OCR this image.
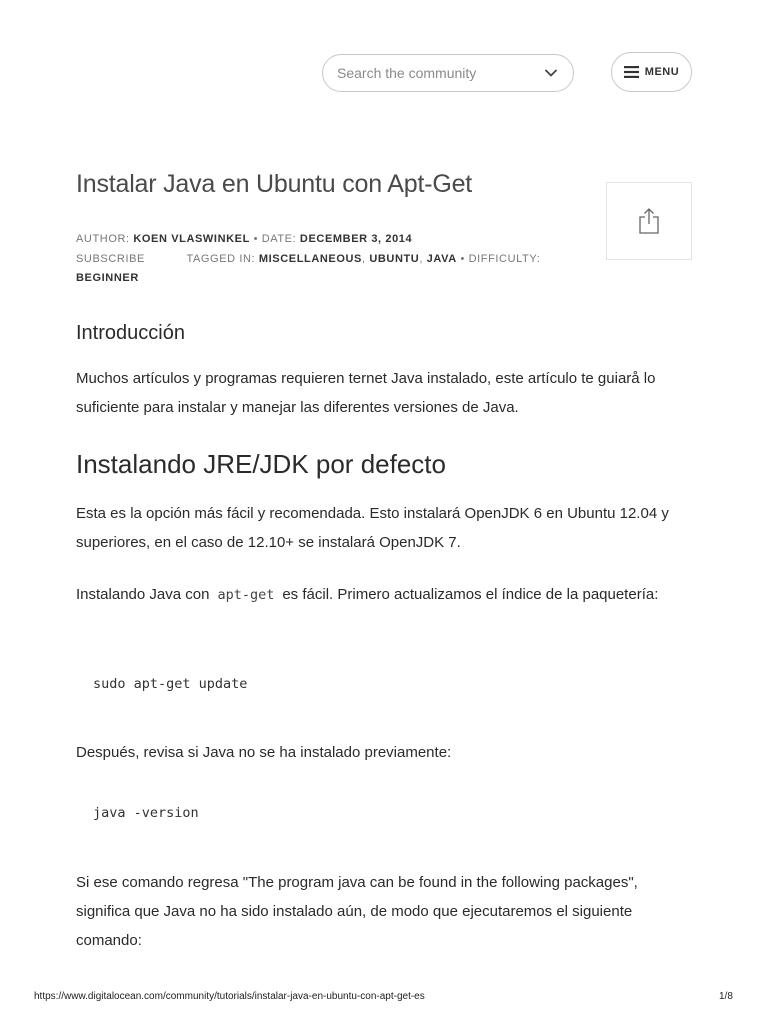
Search the community
MENU
Instalar Java en Ubuntu con Apt-Get
AUTHOR: KOEN VLASWINKEL • DATE: DECEMBER 3, 2014
SUBSCRIBE	TAGGED IN: MISCELLANEOUS, UBUNTU, JAVA • DIFFICULTY:
BEGINNER
Introducción

Muchos artículos y programas requieren ternet Java instalado, este artículo te guiarå lo suficiente para instalar y manejar las diferentes versiones de Java.

Instalando JRE/JDK por defecto

Esta es la opción más fácil y recomendada. Esto instalará OpenJDK 6 en Ubuntu 12.04 y superiores, en el caso de 12.10+ se instalará OpenJDK 7.

Instalando Java con apt-get es fácil. Primero actualizamos el índice de la paquetería:

sudo apt-get update

Después, revisa si Java no se ha instalado previamente:

java -version

Si ese comando regresa "The program java can be found in the following packages", significa que Java no ha sido instalado aún, de modo que ejecutaremos el siguiente comando:

https://www.digitalocean.com/community/tutorials/instalar-java-en-ubuntu-con-apt-get-es	1/8
